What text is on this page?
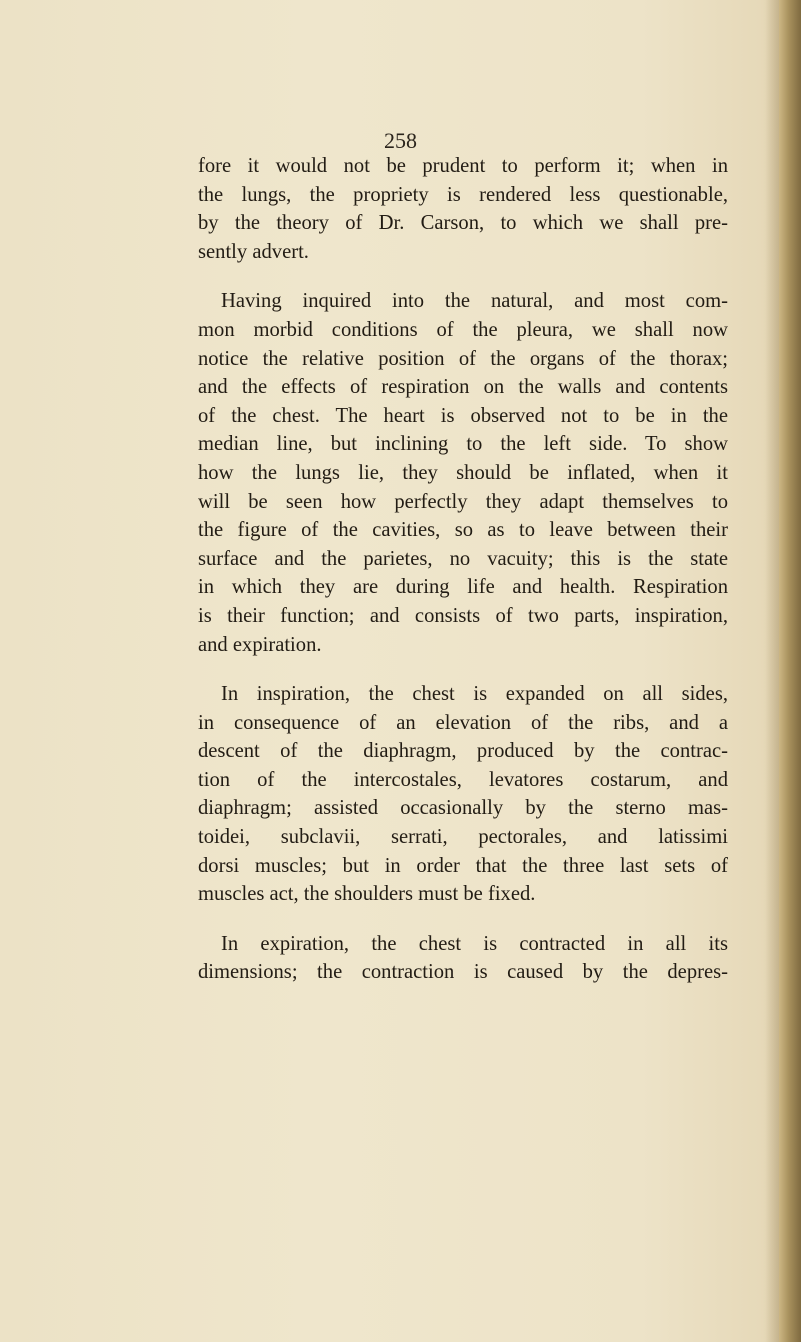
258
fore it would not be prudent to perform it; when in
the lungs, the propriety is rendered less questionable,
by the theory of Dr. Carson, to which we shall pre-
sently advert.
Having inquired into the natural, and most com-
mon morbid conditions of the pleura, we shall now
notice the relative position of the organs of the thorax;
and the effects of respiration on the walls and contents
of the chest. The heart is observed not to be in the
median line, but inclining to the left side. To show
how the lungs lie, they should be inflated, when it
will be seen how perfectly they adapt themselves to
the figure of the cavities, so as to leave between their
surface and the parietes, no vacuity; this is the state
in which they are during life and health. Respiration
is their function; and consists of two parts, inspiration,
and expiration.
In inspiration, the chest is expanded on all sides,
in consequence of an elevation of the ribs, and a
descent of the diaphragm, produced by the contrac-
tion of the intercostales, levatores costarum, and
diaphragm; assisted occasionally by the sterno mas-
toidei, subclavii, serrati, pectorales, and latissimi
dorsi muscles; but in order that the three last sets of
muscles act, the shoulders must be fixed.
In expiration, the chest is contracted in all its
dimensions; the contraction is caused by the depres-
